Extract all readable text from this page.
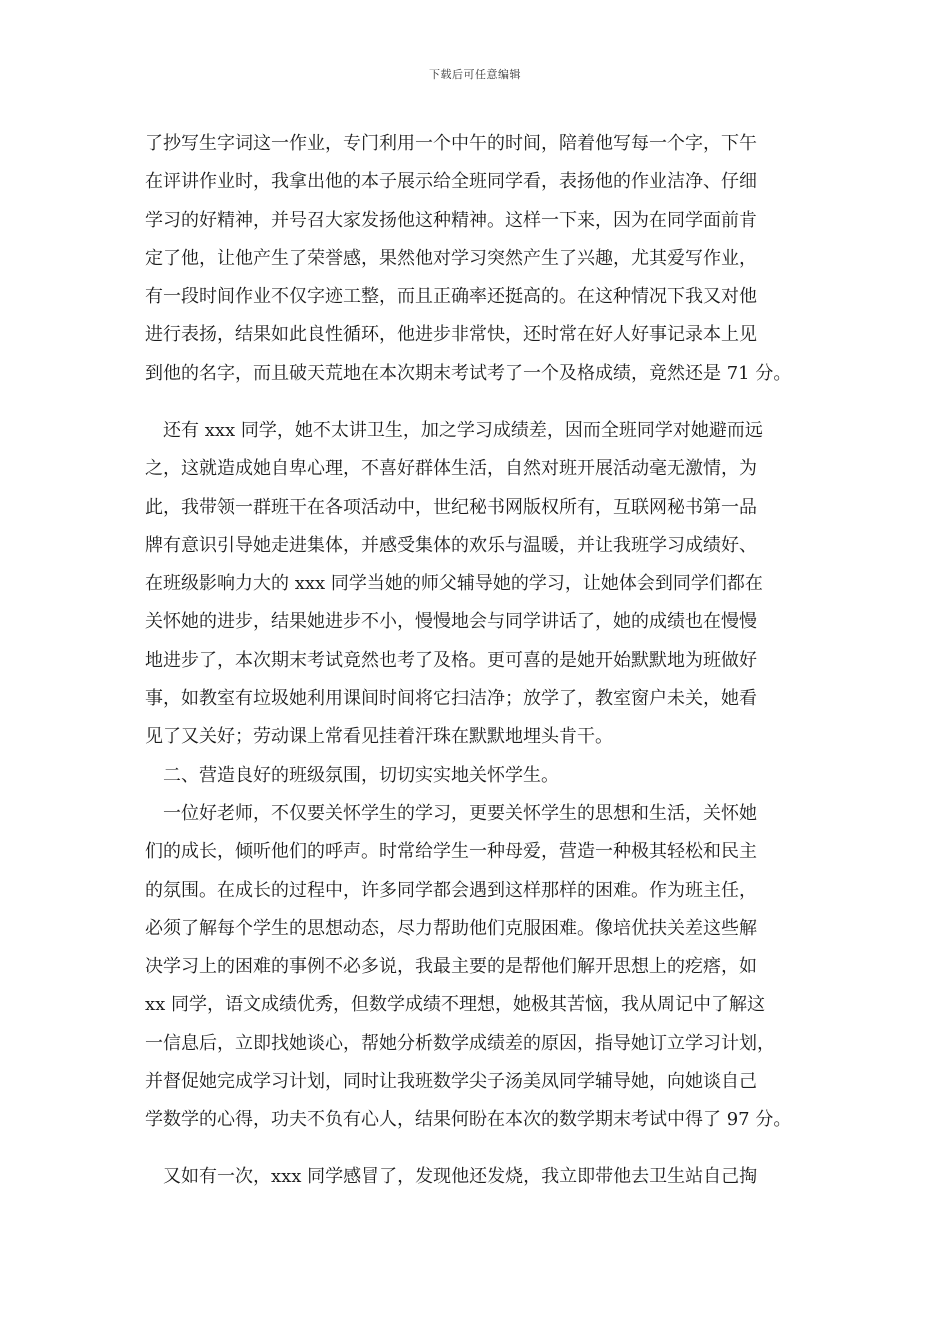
下载后可任意编辑
了抄写生字词这一作业，专门利用一个中午的时间，陪着他写每一个字，下午
在评讲作业时，我拿出他的本子展示给全班同学看，表扬他的作业洁净、仔细
学习的好精神，并号召大家发扬他这种精神。这样一下来，因为在同学面前肯
定了他，让他产生了荣誉感，果然他对学习突然产生了兴趣，尤其爱写作业，
有一段时间作业不仅字迹工整，而且正确率还挺高的。在这种情况下我又对他
进行表扬，结果如此良性循环，他进步非常快，还时常在好人好事记录本上见
到他的名字，而且破天荒地在本次期末考试考了一个及格成绩，竟然还是 71 分。
　还有 xxx 同学，她不太讲卫生，加之学习成绩差，因而全班同学对她避而远
之，这就造成她自卑心理，不喜好群体生活，自然对班开展活动毫无激情，为
此，我带领一群班干在各项活动中，世纪秘书网版权所有，互联网秘书第一品
牌有意识引导她走进集体，并感受集体的欢乐与温暖，并让我班学习成绩好、
在班级影响力大的 xxx 同学当她的师父辅导她的学习，让她体会到同学们都在
关怀她的进步，结果她进步不小，慢慢地会与同学讲话了，她的成绩也在慢慢
地进步了，本次期末考试竟然也考了及格。更可喜的是她开始默默地为班做好
事，如教室有垃圾她利用课间时间将它扫洁净；放学了，教室窗户未关，她看
见了又关好；劳动课上常看见挂着汗珠在默默地埋头肯干。
　二、营造良好的班级氛围，切切实实地关怀学生。
　一位好老师，不仅要关怀学生的学习，更要关怀学生的思想和生活，关怀她
们的成长，倾听他们的呼声。时常给学生一种母爱，营造一种极其轻松和民主
的氛围。在成长的过程中，许多同学都会遇到这样那样的困难。作为班主任，
必须了解每个学生的思想动态，尽力帮助他们克服困难。像培优扶关差这些解
决学习上的困难的事例不必多说，我最主要的是帮他们解开思想上的疙瘩，如
xx 同学，语文成绩优秀，但数学成绩不理想，她极其苦恼，我从周记中了解这
一信息后，立即找她谈心，帮她分析数学成绩差的原因，指导她订立学习计划，
并督促她完成学习计划，同时让我班数学尖子汤美凤同学辅导她，向她谈自己
学数学的心得，功夫不负有心人，结果何盼在本次的数学期末考试中得了 97 分。
　又如有一次，xxx 同学感冒了，发现他还发烧，我立即带他去卫生站自己掏
